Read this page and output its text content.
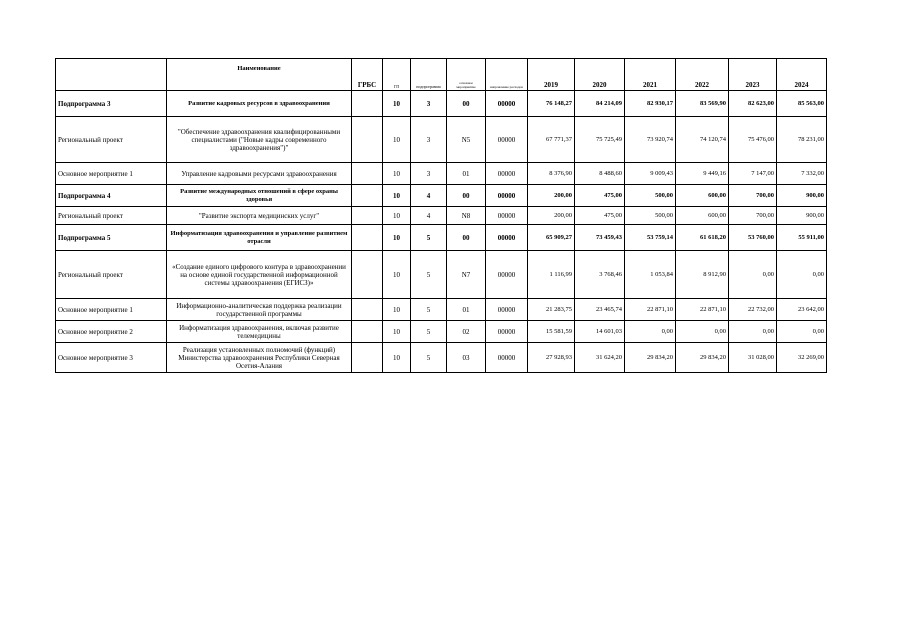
	Наименование	ГРБС	ГП	подпрограмма	основное мероприятие	направление расходов	2019	2020	2021	2022	2023	2024
Подпрограмма 3	Развитие кадровых ресурсов в здравоохранении		10	3	00	00000	76 148,27	84 214,09	82 930,17	83 569,90	82 623,00	85 563,00
Региональный проект	"Обеспечение здравоохранения квалифицированными специалистами ("Новые кадры современного здравоохранения")"		10	3	N5	00000	67 771,37	75 725,49	73 920,74	74 120,74	75 476,00	78 231,00
Основное мероприятие 1	Управление кадровыми ресурсами здравоохранения		10	3	01	00000	8 376,90	8 488,60	9 009,43	9 449,16	7 147,00	7 332,00
Подпрограмма 4	Развитие международных отношений в сфере охраны здоровья		10	4	00	00000	200,00	475,00	500,00	600,00	700,00	900,00
Региональный проект	"Развитие экспорта медицинских услуг"		10	4	N8	00000	200,00	475,00	500,00	600,00	700,00	900,00
Подпрограмма 5	Информатизация здравоохранения и управление развитием отрасли		10	5	00	00000	65 909,27	73 459,43	53 759,14	61 618,20	53 760,00	55 911,00
Региональный проект	«Создание единого цифрового контура в здравоохранении на основе единой государственной информационной системы здравоохранения (ЕГИСЗ)»		10	5	N7	00000	1 116,99	3 768,46	1 053,84	8 912,90	0,00	0,00
Основное мероприятие 1	Информационно-аналитическая поддержка реализации государственной программы		10	5	01	00000	21 283,75	23 465,74	22 871,10	22 871,10	22 732,00	23 642,00
Основное мероприятие 2	Информатизация здравоохранения, включая развитие телемедицины		10	5	02	00000	15 581,59	14 601,03	0,00	0,00	0,00	0,00
Основное мероприятие 3	Реализация установленных полномочий (функций) Министерства здравоохранения Республики Северная Осетия-Алания		10	5	03	00000	27 928,93	31 624,20	29 834,20	29 834,20	31 028,00	32 269,00
